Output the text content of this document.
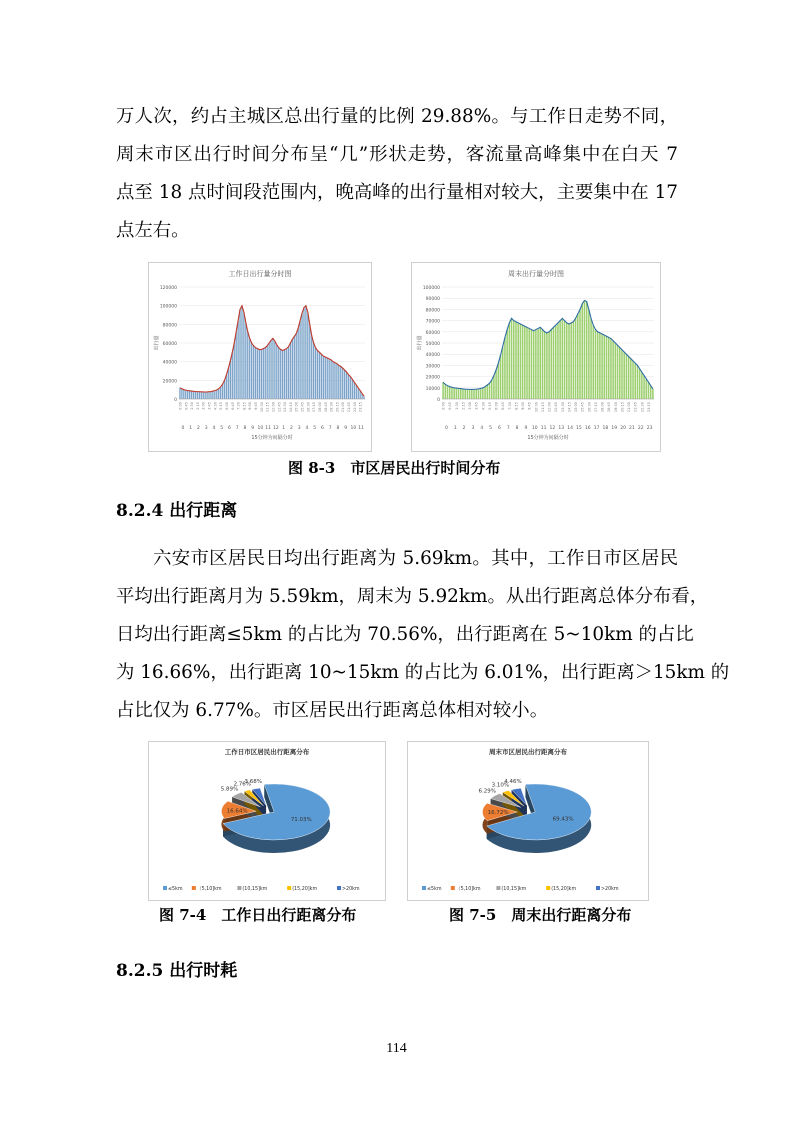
万人次，约占主城区总出行量的比例 29.88%。与工作日走势不同，
周末市区出行时间分布呈“几”形状走势，客流量高峰集中在白天 7
点至 18 点时间段范围内，晚高峰的出行量相对较大，主要集中在 17
点左右。
工作日出行量分时图
0
20000
40000
60000
80000
100000
120000
出行量
0:00 0:45 1:30 2:15 3:00 3:45 4:30 5:15 6:00 6:45 7:30 8:15 9:00 9:45 10:30 11:15 12:00 12:45 13:30 14:15 15:00 15:45 16:30 17:15 18:00 18:45 19:30 20:15 21:00 21:45 22:30 23:15
0 1 2 3 4 5 6 7 8 9 10 11 12 1 2 3 4 5 6 7 8 9 10 11
15分钟为间隔分时
周末出行量分时图
0
10000
20000
30000
40000
50000
60000
70000
80000
90000
100000
出行量
0:00 0:45 1:30 2:15 3:00 3:45 4:30 5:15 6:00 6:45 7:30 8:15 9:00 9:45 10:30 11:15 12:00 12:45 13:30 14:15 15:00 15:45 16:30 17:15 18:00 18:45 19:30 20:15 21:00 21:45 22:30 23:15
0 1 2 3 4 5 6 7 8 9 10 11 12 13 14 15 16 17 18 19 20 21 22 23
15分钟为间隔分时
图 8-3　市区居民出行时间分布
8.2.4 出行距离
六安市区居民日均出行距离为 5.69km。其中，工作日市区居民
平均出行距离月为 5.59km，周末为 5.92km。从出行距离总体分布看，
日均出行距离≤5km 的占比为 70.56%，出行距离在 5~10km 的占比
为 16.66%，出行距离 10~15km 的占比为 6.01%，出行距离＞15km 的
占比仅为 6.77%。市区居民出行距离总体相对较小。
工作日市区居民出行距离分布
71.03%
16.64%
5.89%
2.76%
3.68%
≤5km	（5,10]km	(10,15]km	(15,20]km	>20km
周末市区居民出行距离分布
69.43%
16.72%
6.29%
3.10%
4.46%
≤5km	（5,10]km	(10,15]km	(15,20]km	>20km
图 7-4　工作日出行距离分布	图 7-5　周末出行距离分布
8.2.5 出行时耗
114
